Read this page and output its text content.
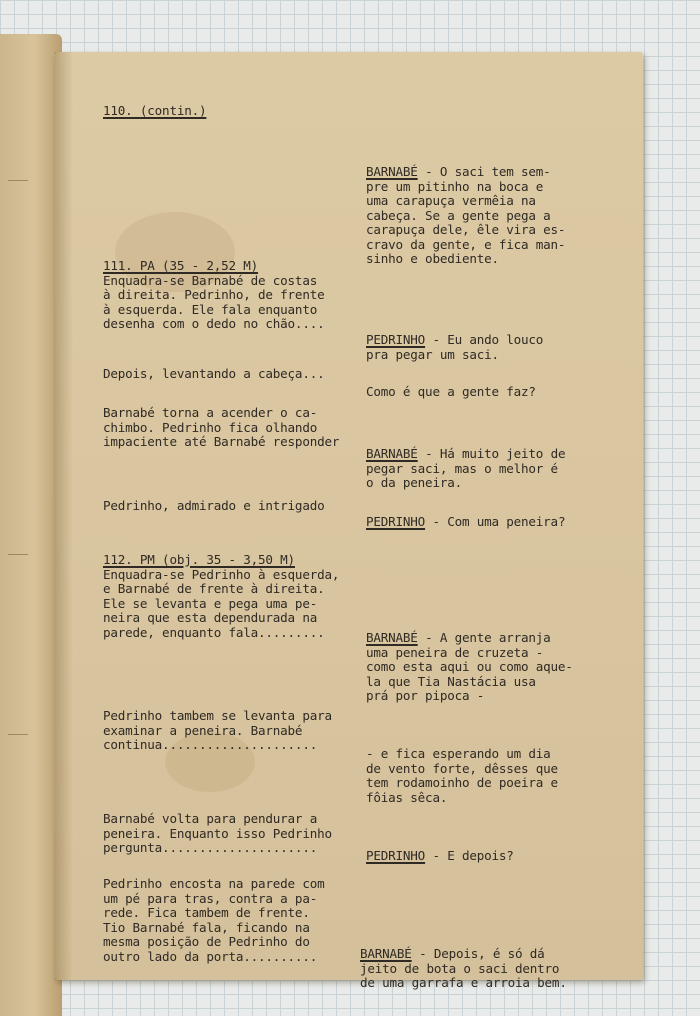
110. (contin.)

111. PA (35 - 2,52 M)
Enquadra-se Barnabé de costas
à direita. Pedrinho, de frente
à esquerda. Ele fala enquanto
desenha com o dedo no chão....

Depois, levantando a cabeça...

Barnabé torna a acender o ca-
chimbo. Pedrinho fica olhando
impaciente até Barnabé responder

Pedrinho, admirado e intrigado

112. PM (obj. 35 - 3,50 M)
Enquadra-se Pedrinho à esquerda,
e Barnabé de frente à direita.
Ele se levanta e pega uma pe-
neira que esta dependurada na
parede, enquanto fala.........

Pedrinho tambem se levanta para
examinar a peneira. Barnabé
continua.....................

Barnabé volta para pendurar a
peneira. Enquanto isso Pedrinho
pergunta.....................

Pedrinho encosta na parede com
um pé para tras, contra a pa-
rede. Fica tambem de frente.
Tio Barnabé fala, ficando na
mesma posição de Pedrinho do
outro lado da porta..........

BARNABÉ - O saci tem sem-
pre um pitinho na boca e
uma carapuça vermêia na
cabeça. Se a gente pega a
carapuça dele, êle vira es-
cravo da gente, e fica man-
sinho e obediente.

PEDRINHO - Eu ando louco
pra pegar um saci.

Como é que a gente faz?

BARNABÉ - Há muito jeito de
pegar saci, mas o melhor é
o da peneira.

PEDRINHO - Com uma peneira?

BARNABÉ - A gente arranja
uma peneira de cruzeta -
como esta aqui ou como aque-
la que Tia Nastácia usa
prá por pipoca -

- e fica esperando um dia
de vento forte, dêsses que
tem rodamoinho de poeira e
fôias sêca.

PEDRINHO - E depois?

BARNABÉ - Depois, é só dá
jeito de bota o saci dentro
de uma garrafa e arroia bem.
